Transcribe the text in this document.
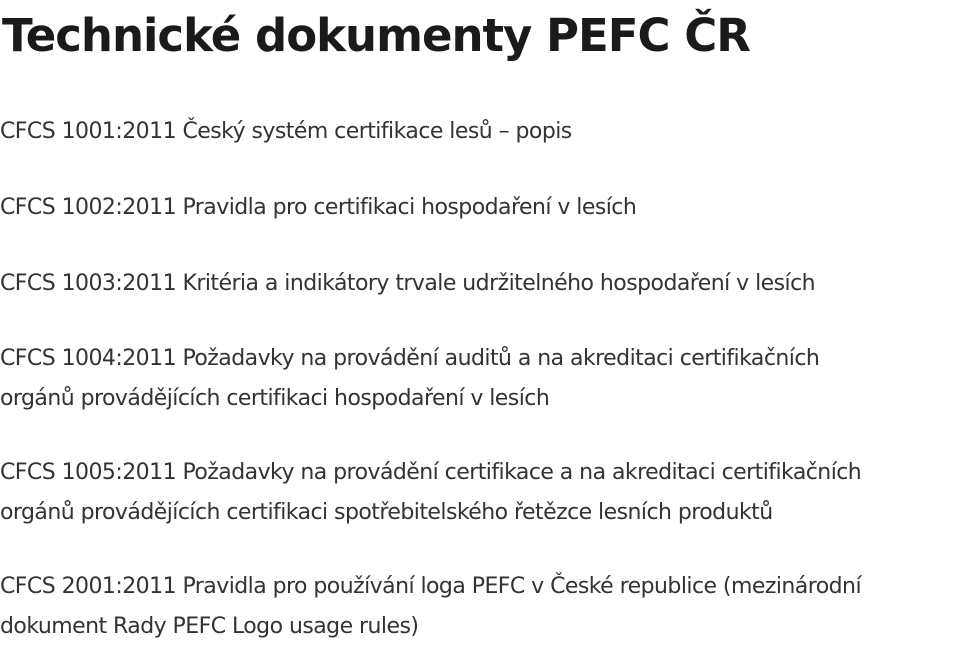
Technické dokumenty PEFC ČR
CFCS 1001:2011 Český systém certifikace lesů – popis
CFCS 1002:2011 Pravidla pro certifikaci hospodaření v lesích
CFCS 1003:2011 Kritéria a indikátory trvale udržitelného hospodaření v lesích
CFCS 1004:2011 Požadavky na provádění auditů a na akreditaci certifikačních
orgánů provádějících certifikaci hospodaření v lesích
CFCS 1005:2011 Požadavky na provádění certifikace a na akreditaci certifikačních
orgánů provádějících certifikaci spotřebitelského řetězce lesních produktů
CFCS 2001:2011 Pravidla pro používání loga PEFC v České republice (mezinárodní
dokument Rady PEFC Logo usage rules)
